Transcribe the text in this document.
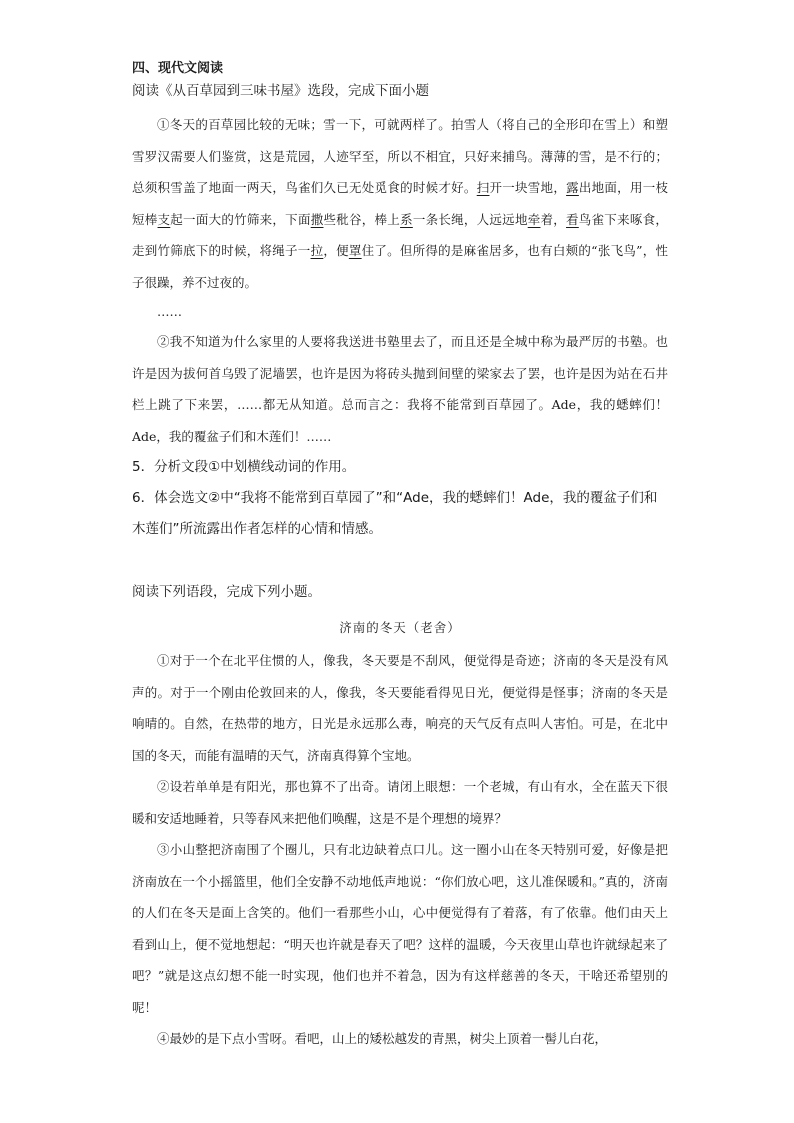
四、现代文阅读
阅读《从百草园到三味书屋》选段，完成下面小题

①冬天的百草园比较的无味；雪一下，可就两样了。拍雪人（将自己的全形印在雪上）和塑雪罗汉需要人们鉴赏，这是荒园，人迹罕至，所以不相宜，只好来捕鸟。薄薄的雪，是不行的；总须积雪盖了地面一两天，鸟雀们久已无处觅食的时候才好。扫开一块雪地，露出地面，用一枝短棒支起一面大的竹筛来，下面撒些秕谷，棒上系一条长绳，人远远地牵着，看鸟雀下来啄食，走到竹筛底下的时候，将绳子一拉，便罩住了。但所得的是麻雀居多，也有白颊的“张飞鸟”，性子很躁，养不过夜的。

……

②我不知道为什么家里的人要将我送进书塾里去了，而且还是全城中称为最严厉的书塾。也许是因为拔何首乌毁了泥墙罢，也许是因为将砖头抛到间壁的梁家去了罢，也许是因为站在石井栏上跳了下来罢，……都无从知道。总而言之：我将不能常到百草园了。Ade，我的蟋蟀们！Ade，我的覆盆子们和木莲们！……

5．分析文段①中划横线动词的作用。

6．体会选文②中“我将不能常到百草园了”和“Ade，我的蟋蟀们！Ade，我的覆盆子们和木莲们”所流露出作者怎样的心情和情感。

阅读下列语段，完成下列小题。
济南的冬天（老舍）

①对于一个在北平住惯的人，像我，冬天要是不刮风，便觉得是奇迹；济南的冬天是没有风声的。对于一个刚由伦敦回来的人，像我，冬天要能看得见日光，便觉得是怪事；济南的冬天是响晴的。自然，在热带的地方，日光是永远那么毒，响亮的天气反有点叫人害怕。可是，在北中国的冬天，而能有温晴的天气，济南真得算个宝地。

②设若单单是有阳光，那也算不了出奇。请闭上眼想：一个老城，有山有水，全在蓝天下很暖和安适地睡着，只等春风来把他们唤醒，这是不是个理想的境界？

③小山整把济南围了个圈儿，只有北边缺着点口儿。这一圈小山在冬天特别可爱，好像是把济南放在一个小摇篮里，他们全安静不动地低声地说：“你们放心吧，这儿准保暖和。”真的，济南的人们在冬天是面上含笑的。他们一看那些小山，心中便觉得有了着落，有了依靠。他们由天上看到山上，便不觉地想起：“明天也许就是春天了吧？这样的温暖，今天夜里山草也许就绿起来了吧？”就是这点幻想不能一时实现，他们也并不着急，因为有这样慈善的冬天，干啥还希望别的呢！

④最妙的是下点小雪呀。看吧，山上的矮松越发的青黑，树尖上顶着一髻儿白花，
